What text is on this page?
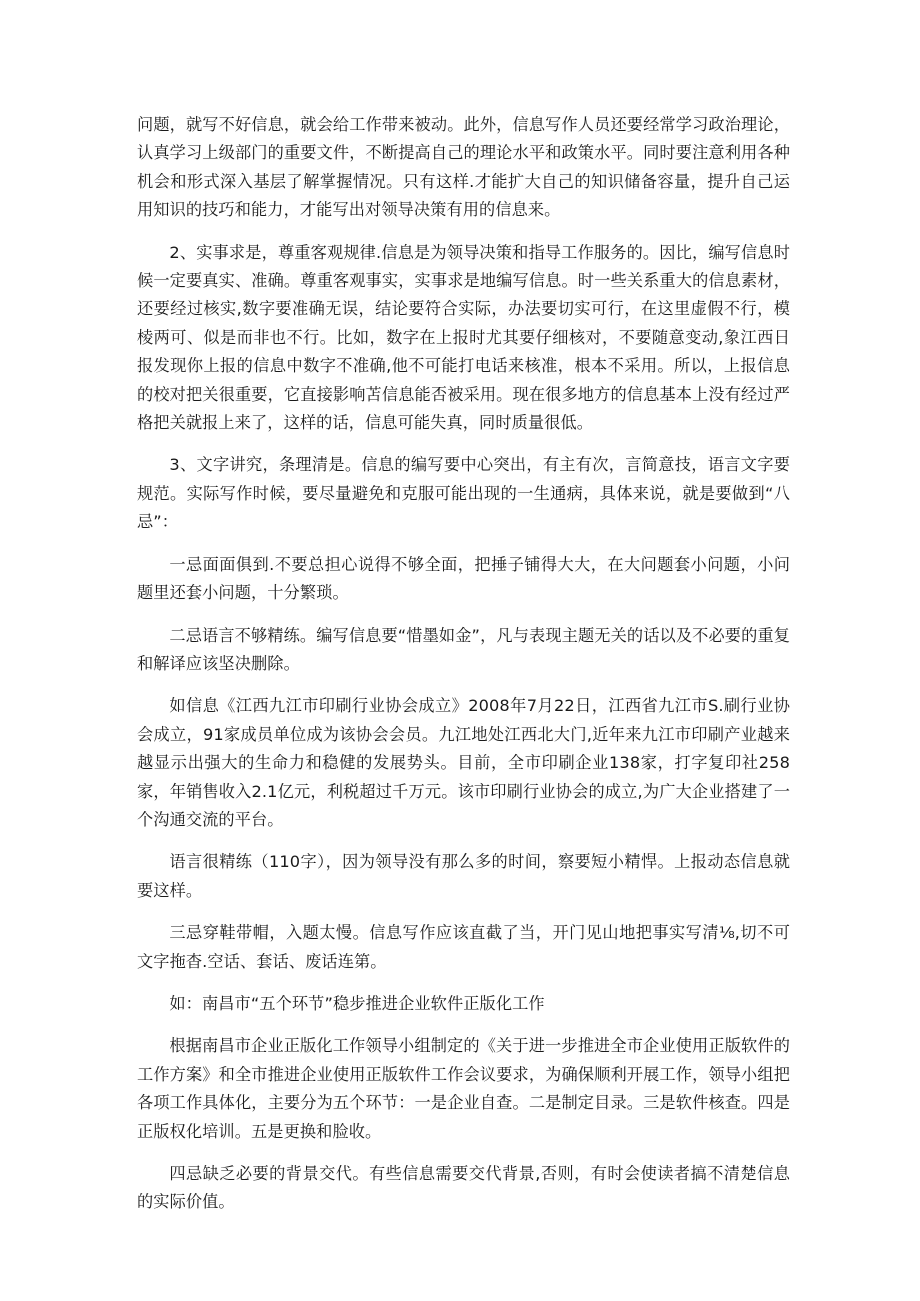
问题，就写不好信息，就会给工作带来被动。此外，信息写作人员还要经常学习政治理论，认真学习上级部门的重要文件，不断提高自己的理论水平和政策水平。同时要注意利用各种机会和形式深入基层了解掌握情况。只有这样.才能扩大自己的知识储备容量，提升自己运用知识的技巧和能力，才能写出对领导决策有用的信息来。

2、实事求是，尊重客观规律.信息是为领导决策和指导工作服务的。因比，编写信息时候一定要真实、准确。尊重客观事实，实事求是地编写信息。时一些关系重大的信息素材，还要经过核实,数字要准确无误，结论要符合实际，办法要切实可行，在这里虚假不行，模棱两可、似是而非也不行。比如，数字在上报时尤其要仔细核对，不要随意变动,象江西日报发现你上报的信息中数字不准确,他不可能打电话来核准，根本不采用。所以，上报信息的校对把关很重要，它直接影响苫信息能否被采用。现在很多地方的信息基本上没有经过严格把关就报上来了，这样的话，信息可能失真，同时质量很低。

3、文字讲究，条理清是。信息的编写要中心突出，有主有次，言简意技，语言文字要规范。实际写作时候，要尽量避免和克服可能出现的一生通病，具体来说，就是要做到“八忌”：

一忌面面俱到.不要总担心说得不够全面，把捶子铺得大大，在大问题套小问题，小问题里还套小问题，十分繁琐。

二忌语言不够精练。编写信息要“惜墨如金”，凡与表现主题无关的话以及不必要的重复和解译应该坚决删除。

如信息《江西九江市印刷行业协会成立》2008年7月22日，江西省九江市S.刷行业协会成立，91家成员单位成为该协会会员。九江地处江西北大门,近年来九江市印刷产业越来越显示出强大的生命力和稳健的发展势头。目前，全市印刷企业138家，打字复印社258家，年销售收入2.1亿元，利税超过千万元。该市印刷行业协会的成立,为广大企业搭建了一个沟通交流的平台。

语言很精练（110字），因为领导没有那么多的时间，察要短小精悍。上报动态信息就要这样。

三忌穿鞋带帽，入题太慢。信息写作应该直截了当，开门见山地把事实写清⅛,切不可文字拖杳.空话、套话、废话连第。

如：南昌市“五个环节”稳步推进企业软件正版化工作

根据南昌市企业正版化工作领导小组制定的《关于进一步推进全市企业使用正版软件的工作方案》和全市推进企业使用正版软件工作会议要求，为确保顺利开展工作，领导小组把各项工作具体化，主要分为五个环节：一是企业自查。二是制定目录。三是软件核查。四是正版权化培训。五是更换和脸收。

四忌缺乏必要的背景交代。有些信息需要交代背景,否则，有时会使读者搞不清楚信息的实际价值。
